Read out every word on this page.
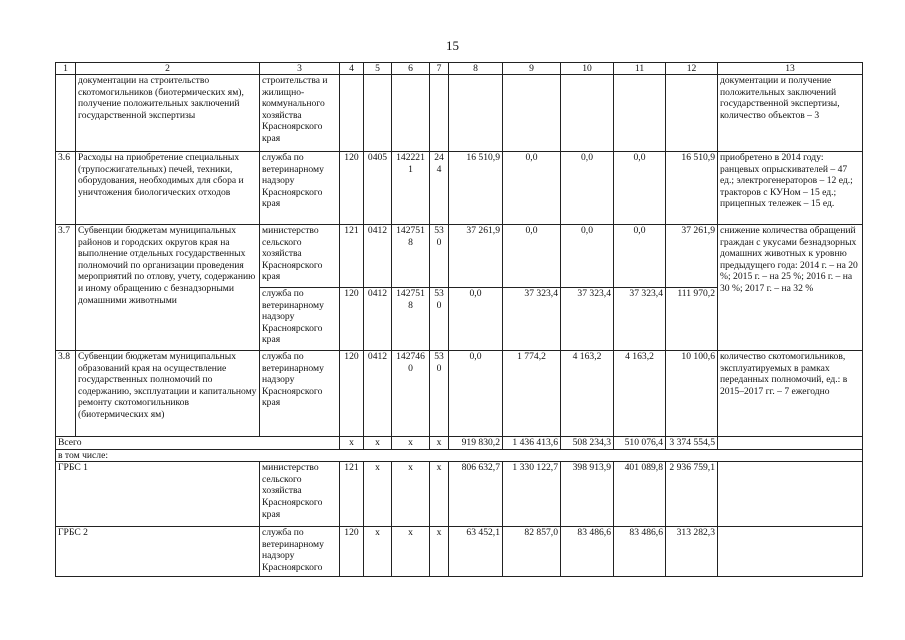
15
1	2	3	4	5	6	7	8	9	10	11	12	13
	документации на строительство скотомогильников (биотермических ям), получение положительных заключений государственной экспертизы	строительства и жилищно-коммунального хозяйства Красноярского края										документации и получение положительных заключений государственной экспертизы, количество объектов – 3
3.6	Расходы на приобретение специальных (трупосжигательных) печей, техники, оборудования, необходимых для сбора и уничтожения биологических отходов	служба по ветеринарному надзору Красноярского края	120	0405	1422211	244	16 510,9	0,0	0,0	0,0	16 510,9	приобретено в 2014 году: ранцевых опрыскивателей – 47 ед.; электрогенераторов – 12 ед.; тракторов с КУНом – 15 ед.; прицепных тележек – 15 ед.
3.7	Субвенции бюджетам муниципальных районов и городских округов края на выполнение отдельных государственных полномочий по организации проведения мероприятий по отлову, учету, содержанию и иному обращению с безнадзорными домашними животными	министерство сельского хозяйства Красноярского края	121	0412	1427518	530	37 261,9	0,0	0,0	0,0	37 261,9	снижение количества обращений граждан с укусами безнадзорных домашних животных к уровню предыдущего года: 2014 г. – на 20 %; 2015 г. – на 25 %; 2016 г. – на 30 %; 2017 г. – на 32 %
		служба по ветеринарному надзору Красноярского края	120	0412	1427518	530	0,0	37 323,4	37 323,4	37 323,4	111 970,2	
3.8	Субвенции бюджетам муниципальных образований края на осуществление государственных полномочий по содержанию, эксплуатации и капитальному ремонту скотомогильников (биотермических ям)	служба по ветеринарному надзору Красноярского края	120	0412	1427460	530	0,0	1 774,2	4 163,2	4 163,2	10 100,6	количество скотомогильников, эксплуатируемых в рамках переданных полномочий, ед.: в 2015–2017 гг. – 7 ежегодно
Всего			х	х	х	х	919 830,2	1 436 413,6	508 234,3	510 076,4	3 374 554,5	
в том числе:												
ГРБС 1		министерство сельского хозяйства Красноярского края	121	х	х	х	806 632,7	1 330 122,7	398 913,9	401 089,8	2 936 759,1	
ГРБС 2		служба по ветеринарному надзору Красноярского	120	х	х	х	63 452,1	82 857,0	83 486,6	83 486,6	313 282,3	
